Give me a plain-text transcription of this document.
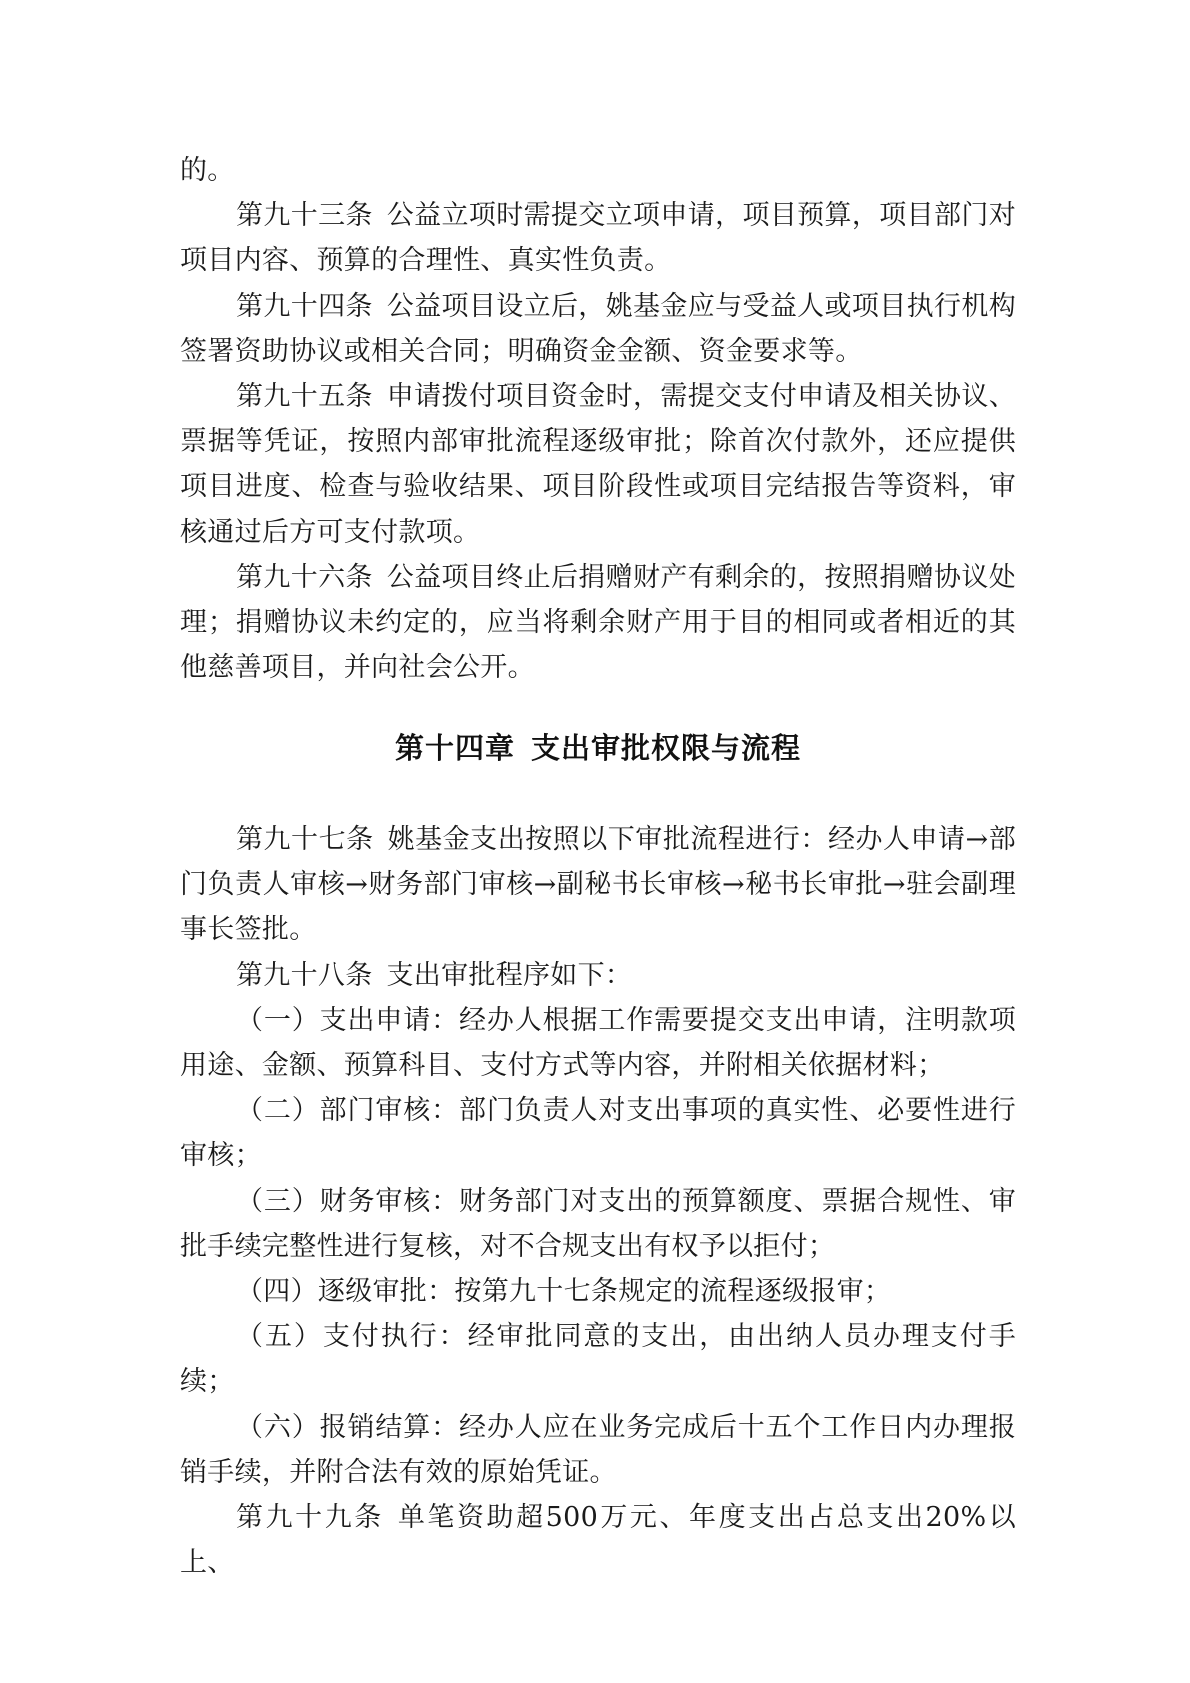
的。

第九十三条 公益立项时需提交立项申请，项目预算，项目部门对项目内容、预算的合理性、真实性负责。

第九十四条 公益项目设立后，姚基金应与受益人或项目执行机构签署资助协议或相关合同；明确资金金额、资金要求等。

第九十五条 申请拨付项目资金时，需提交支付申请及相关协议、票据等凭证，按照内部审批流程逐级审批；除首次付款外，还应提供项目进度、检查与验收结果、项目阶段性或项目完结报告等资料，审核通过后方可支付款项。

第九十六条 公益项目终止后捐赠财产有剩余的，按照捐赠协议处理；捐赠协议未约定的，应当将剩余财产用于目的相同或者相近的其他慈善项目，并向社会公开。

第十四章 支出审批权限与流程

第九十七条 姚基金支出按照以下审批流程进行：经办人申请→部门负责人审核→财务部门审核→副秘书长审核→秘书长审批→驻会副理事长签批。

第九十八条 支出审批程序如下：

（一）支出申请：经办人根据工作需要提交支出申请，注明款项用途、金额、预算科目、支付方式等内容，并附相关依据材料；

（二）部门审核：部门负责人对支出事项的真实性、必要性进行审核；

（三）财务审核：财务部门对支出的预算额度、票据合规性、审批手续完整性进行复核，对不合规支出有权予以拒付；

（四）逐级审批：按第九十七条规定的流程逐级报审；

（五）支付执行：经审批同意的支出，由出纳人员办理支付手续；

（六）报销结算：经办人应在业务完成后十五个工作日内办理报销手续，并附合法有效的原始凭证。

第九十九条 单笔资助超500万元、年度支出占总支出20%以上、
